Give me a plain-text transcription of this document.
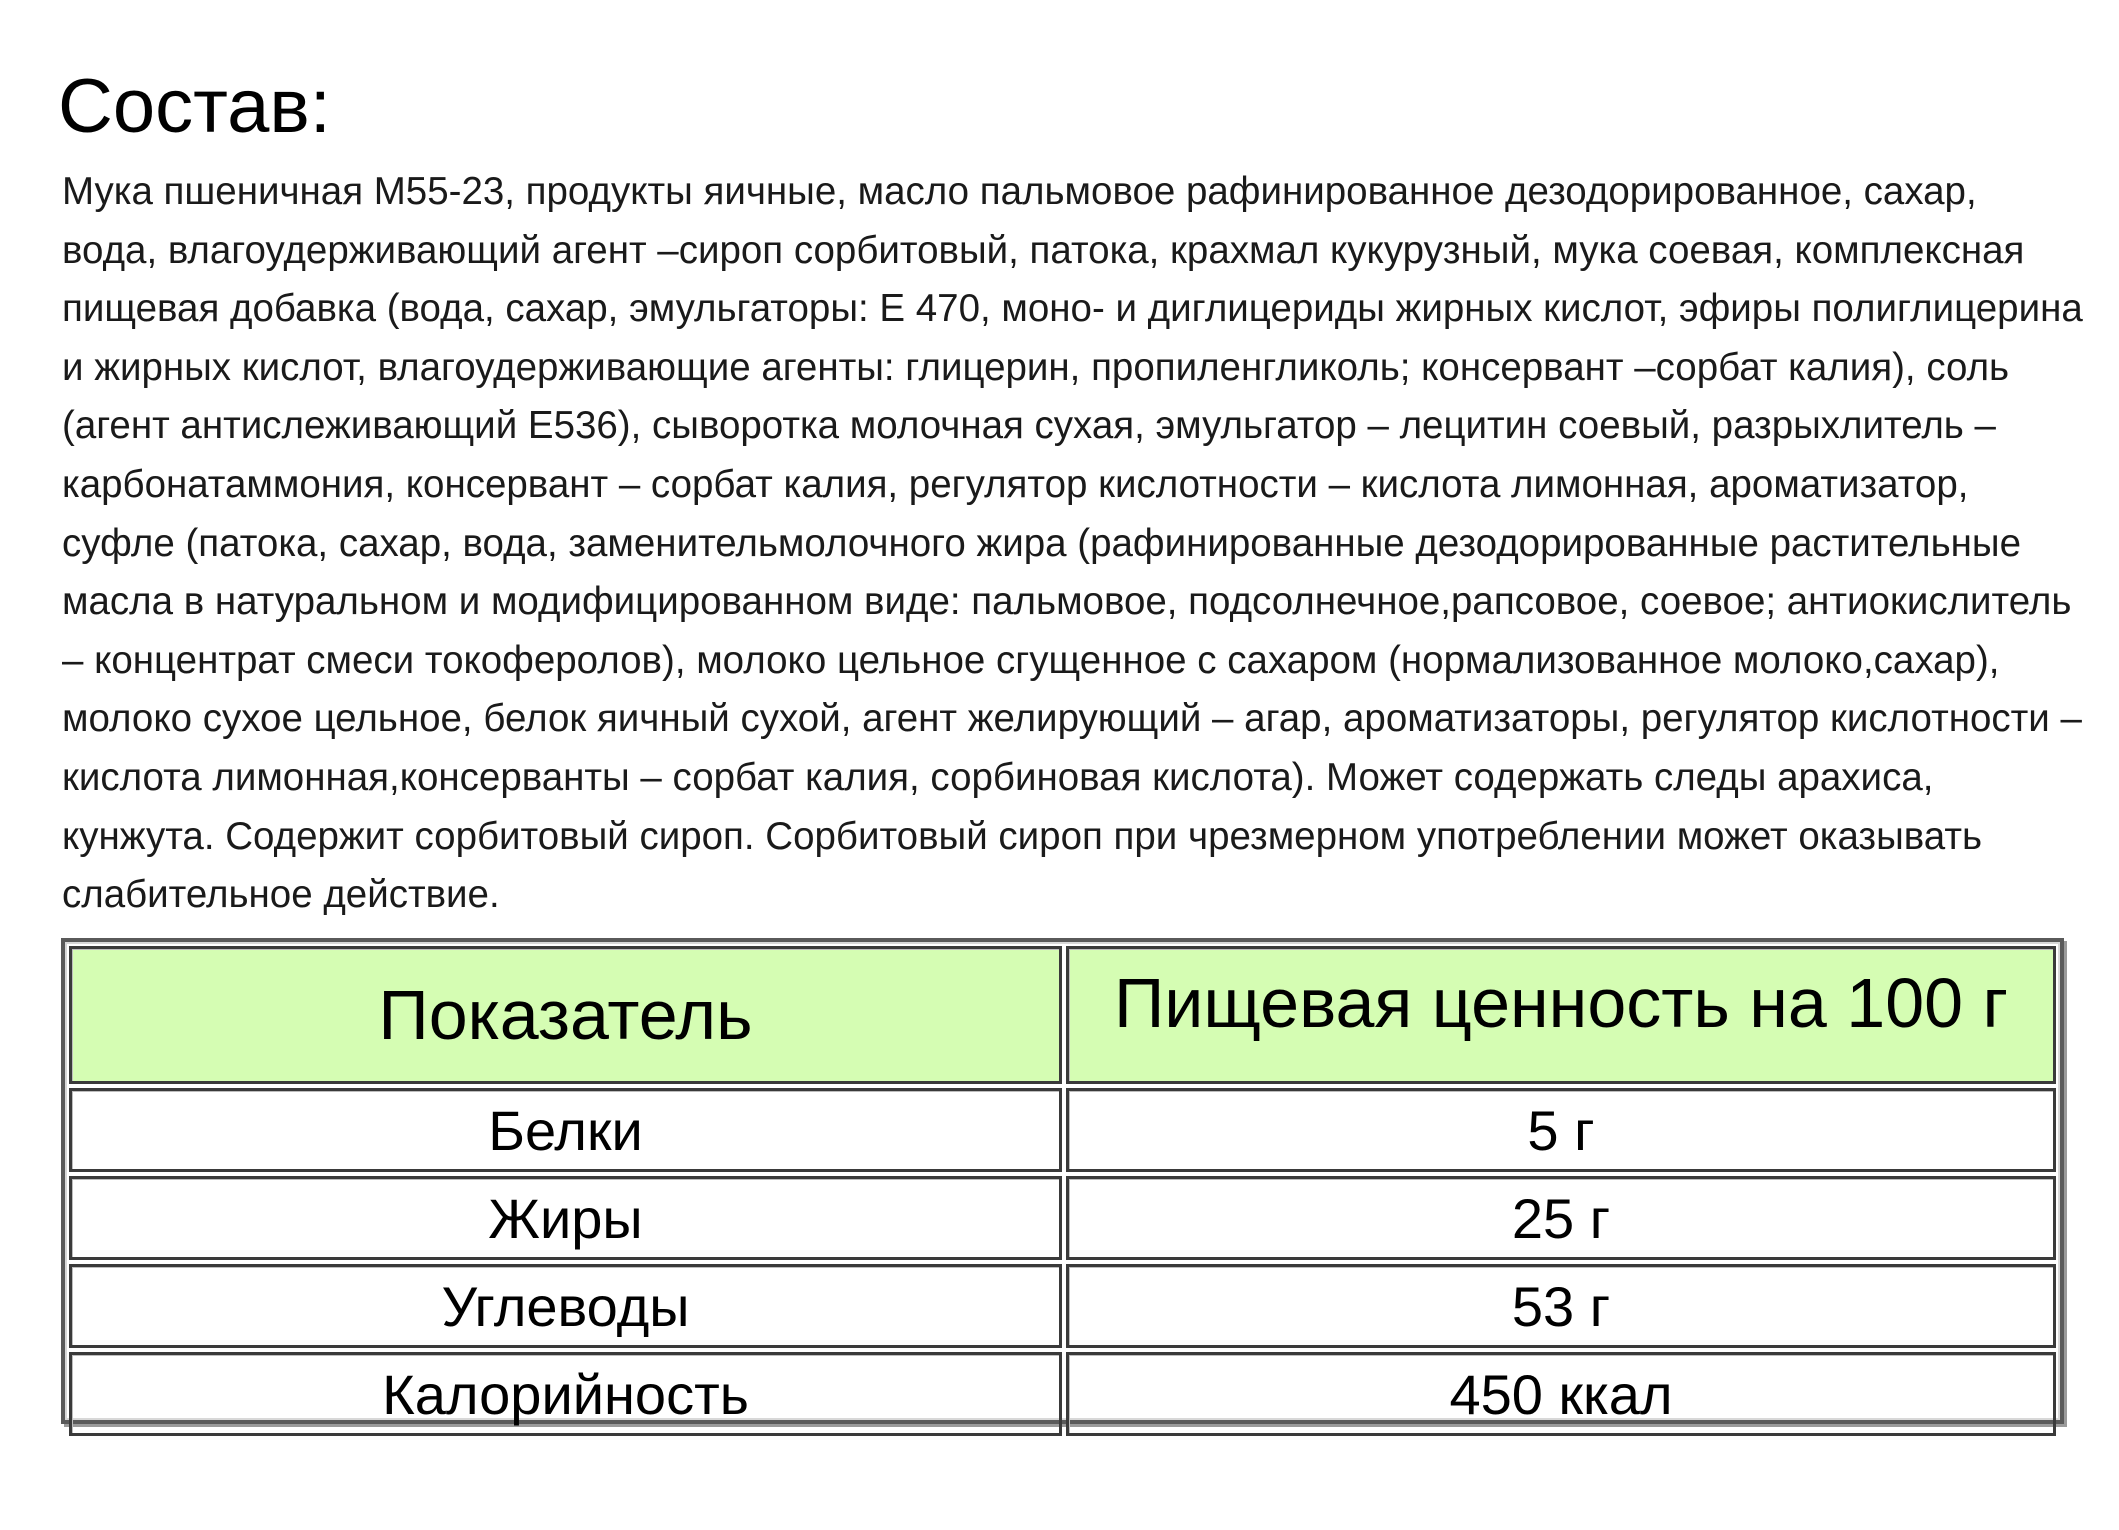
Состав:

Мука пшеничная М55-23, продукты яичные, масло пальмовое рафинированное дезодорированное, сахар,
вода, влагоудерживающий агент –сироп сорбитовый, патока, крахмал кукурузный, мука соевая, комплексная
пищевая добавка (вода, сахар, эмульгаторы: Е 470, моно- и диглицериды жирных кислот, эфиры полиглицерина
и жирных кислот, влагоудерживающие агенты: глицерин, пропиленгликоль; консервант –сорбат калия), соль
(агент антислеживающий Е536), сыворотка молочная сухая, эмульгатор – лецитин соевый, разрыхлитель –
карбонатаммония, консервант – сорбат калия, регулятор кислотности – кислота лимонная, ароматизатор,
суфле (патока, сахар, вода, заменительмолочного жира (рафинированные дезодорированные растительные
масла в натуральном и модифицированном виде: пальмовое, подсолнечное,рапсовое, соевое; антиокислитель
– концентрат смеси токоферолов), молоко цельное сгущенное с сахаром (нормализованное молоко,сахар),
молоко сухое цельное, белок яичный сухой, агент желирующий – агар, ароматизаторы, регулятор кислотности –
кислота лимонная,консерванты – сорбат калия, сорбиновая кислота). Может содержать следы арахиса,
кунжута. Содержит сорбитовый сироп. Сорбитовый сироп при чрезмерном употреблении может оказывать
слабительное действие.

Показатель	Пищевая ценность на 100 г
Белки	5 г
Жиры	25 г
Углеводы	53 г
Калорийность	450 ккал
